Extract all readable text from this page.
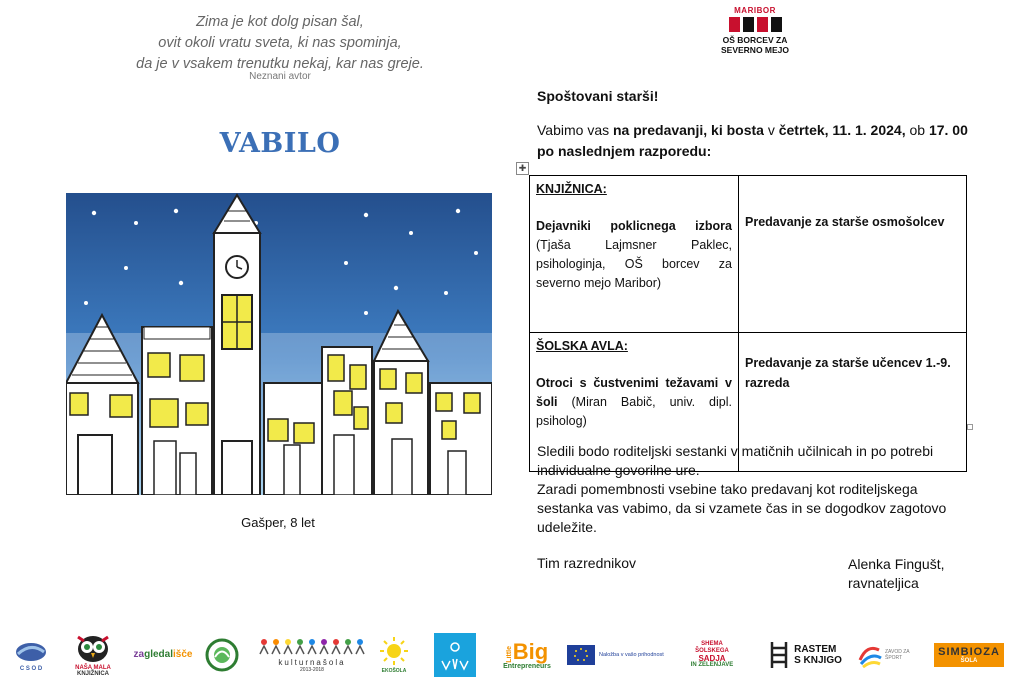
Zima je kot dolg pisan šal,
ovit okoli vratu sveta, ki nas spominja,
da je v vsakem trenutku nekaj, kar nas greje.
Neznani avtor
VABILO
Gašper, 8 let
MARIBOR
OŠ BORCEV ZA
SEVERNO MEJO
Spoštovani starši!
Vabimo vas na predavanji, ki bosta v četrtek, 11. 1. 2024, ob 17. 00
po naslednjem razporedu:
✚
KNJIŽNICA:
Dejavniki poklicnega izbora (Tjaša Lajmsner Paklec, psihologinja, OŠ borcev za severno mejo Maribor)	Predavanje za starše osmošolcev

ŠOLSKA AVLA:
Otroci s čustvenimi težavami v šoli (Miran Babič, univ. dipl. psiholog)	Predavanje za starše učencev 1.-9. razreda
Sledili bodo roditeljski sestanki v matičnih učilnicah in po potrebi
individualne govorilne ure.
Zaradi pomembnosti vsebine tako predavanj kot roditeljskega
sestanka vas vabimo, da si vzamete čas in se dogodkov zagotovo
udeležite.
Tim razrednikov	Alenka Fingušt,
ravnateljica
C S O D	NAŠA MALA
KNJIŽNICA
zagledališče
kulturnašola
2013-2018	EKOŠOLA
Little Big
Entrepreneurs
Naložba v vašo prihodnost
SHEMA
ŠOLSKEGA
SADJA
IN ZELENJAVE
RASTEM
S KNJIGO
ZAVOD ZA ŠPORT	SIMBIOZA
ŠOLA
